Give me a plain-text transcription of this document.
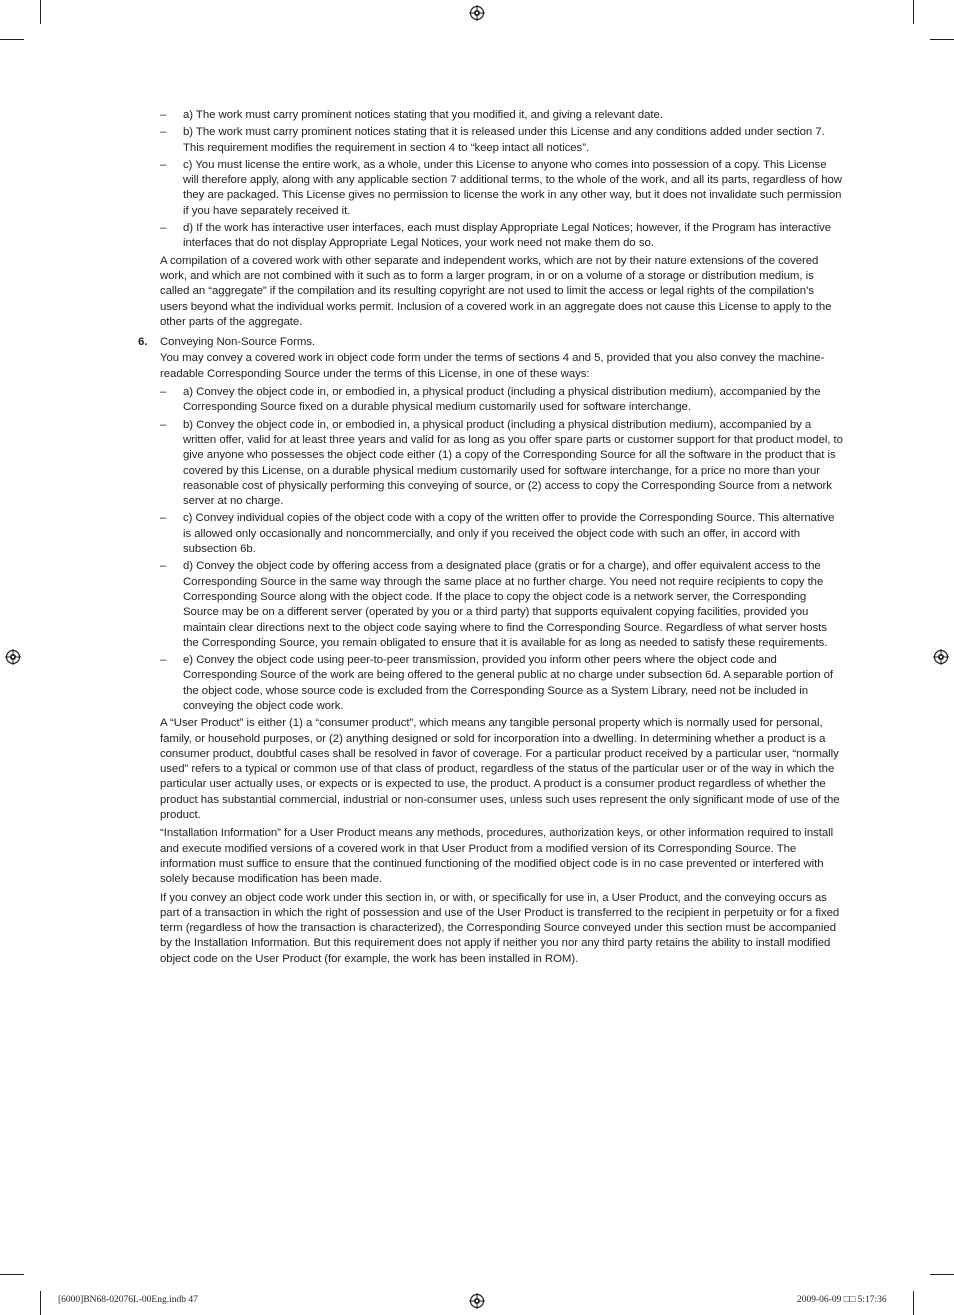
–	a) The work must carry prominent notices stating that you modified it, and giving a relevant date.
–	b) The work must carry prominent notices stating that it is released under this License and any conditions added under section 7. This requirement modifies the requirement in section 4 to “keep intact all notices”.
–	c) You must license the entire work, as a whole, under this License to anyone who comes into possession of a copy. This License will therefore apply, along with any applicable section 7 additional terms, to the whole of the work, and all its parts, regardless of how they are packaged. This License gives no permission to license the work in any other way, but it does not invalidate such permission if you have separately received it.
–	d) If the work has interactive user interfaces, each must display Appropriate Legal Notices; however, if the Program has interactive interfaces that do not display Appropriate Legal Notices, your work need not make them do so.

A compilation of a covered work with other separate and independent works, which are not by their nature extensions of the covered work, and which are not combined with it such as to form a larger program, in or on a volume of a storage or distribution medium, is called an “aggregate” if the compilation and its resulting copyright are not used to limit the access or legal rights of the compilation’s users beyond what the individual works permit. Inclusion of a covered work in an aggregate does not cause this License to apply to the other parts of the aggregate.

6. Conveying Non-Source Forms.

You may convey a covered work in object code form under the terms of sections 4 and 5, provided that you also convey the machine-readable Corresponding Source under the terms of this License, in one of these ways:

–	a) Convey the object code in, or embodied in, a physical product (including a physical distribution medium), accompanied by the Corresponding Source fixed on a durable physical medium customarily used for software interchange.
–	b) Convey the object code in, or embodied in, a physical product (including a physical distribution medium), accompanied by a written offer, valid for at least three years and valid for as long as you offer spare parts or customer support for that product model, to give anyone who possesses the object code either (1) a copy of the Corresponding Source for all the software in the product that is covered by this License, on a durable physical medium customarily used for software interchange, for a price no more than your reasonable cost of physically performing this conveying of source, or (2) access to copy the Corresponding Source from a network server at no charge.
–	c) Convey individual copies of the object code with a copy of the written offer to provide the Corresponding Source. This alternative is allowed only occasionally and noncommercially, and only if you received the object code with such an offer, in accord with subsection 6b.
–	d) Convey the object code by offering access from a designated place (gratis or for a charge), and offer equivalent access to the Corresponding Source in the same way through the same place at no further charge. You need not require recipients to copy the Corresponding Source along with the object code. If the place to copy the object code is a network server, the Corresponding Source may be on a different server (operated by you or a third party) that supports equivalent copying facilities, provided you maintain clear directions next to the object code saying where to find the Corresponding Source. Regardless of what server hosts the Corresponding Source, you remain obligated to ensure that it is available for as long as needed to satisfy these requirements.
–	e) Convey the object code using peer-to-peer transmission, provided you inform other peers where the object code and Corresponding Source of the work are being offered to the general public at no charge under subsection 6d. A separable portion of the object code, whose source code is excluded from the Corresponding Source as a System Library, need not be included in conveying the object code work.

A “User Product” is either (1) a “consumer product”, which means any tangible personal property which is normally used for personal, family, or household purposes, or (2) anything designed or sold for incorporation into a dwelling. In determining whether a product is a consumer product, doubtful cases shall be resolved in favor of coverage. For a particular product received by a particular user, “normally used” refers to a typical or common use of that class of product, regardless of the status of the particular user or of the way in which the particular user actually uses, or expects or is expected to use, the product. A product is a consumer product regardless of whether the product has substantial commercial, industrial or non-consumer uses, unless such uses represent the only significant mode of use of the product.

“Installation Information” for a User Product means any methods, procedures, authorization keys, or other information required to install and execute modified versions of a covered work in that User Product from a modified version of its Corresponding Source. The information must suffice to ensure that the continued functioning of the modified object code is in no case prevented or interfered with solely because modification has been made.

If you convey an object code work under this section in, or with, or specifically for use in, a User Product, and the conveying occurs as part of a transaction in which the right of possession and use of the User Product is transferred to the recipient in perpetuity or for a fixed term (regardless of how the transaction is characterized), the Corresponding Source conveyed under this section must be accompanied by the Installation Information. But this requirement does not apply if neither you nor any third party retains the ability to install modified object code on the User Product (for example, the work has been installed in ROM).

[6000]BN68-02076L-00Eng.indb 47	2009-06-09 □□ 5:17:36
